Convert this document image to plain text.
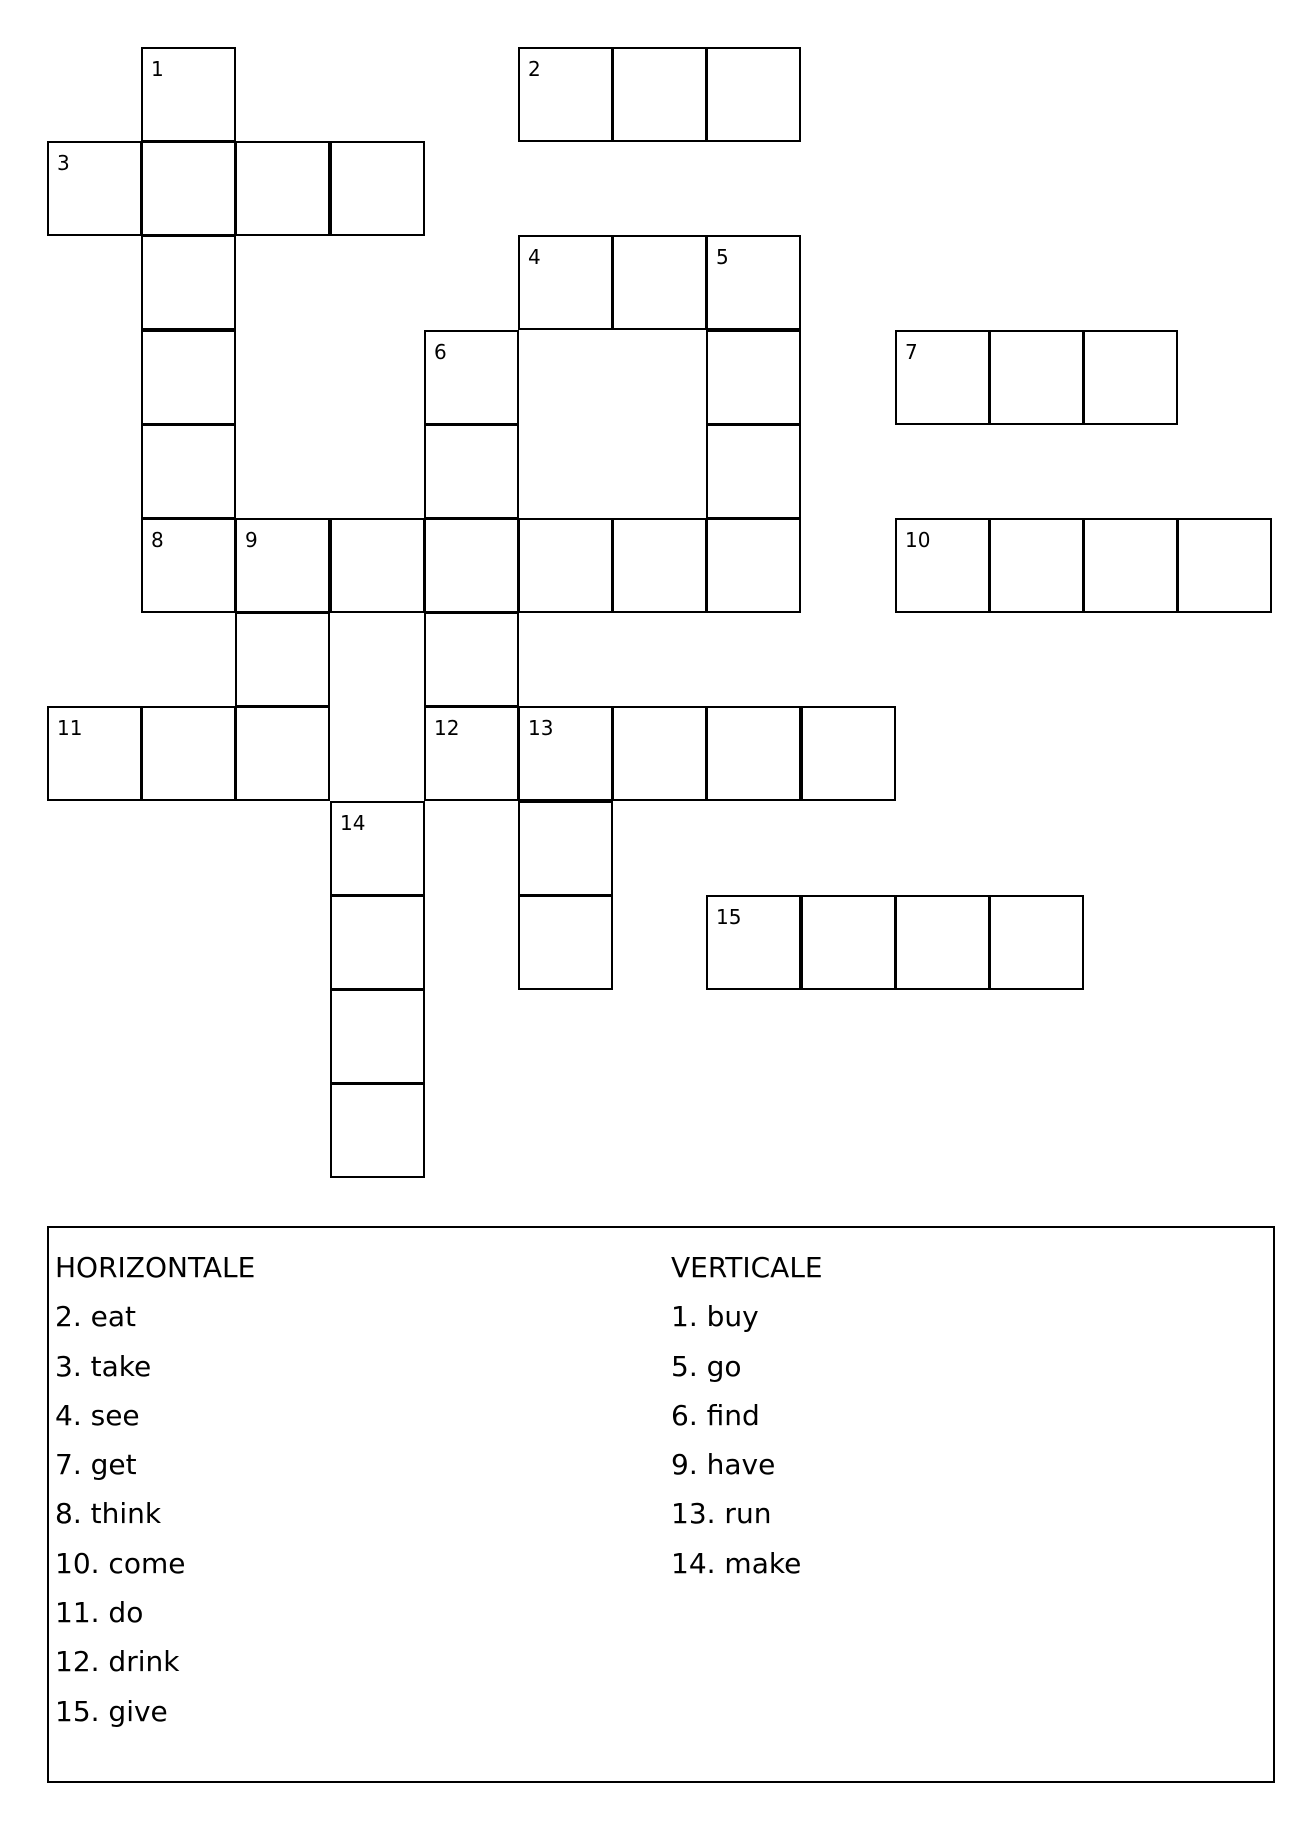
1	2
3
4	5
6	7
8	9	10
11	12	13
14
15
HORIZONTALE
2. eat
3. take
4. see
7. get
8. think
10. come
11. do
12. drink
15. give
VERTICALE
1. buy
5. go
6. find
9. have
13. run
14. make
